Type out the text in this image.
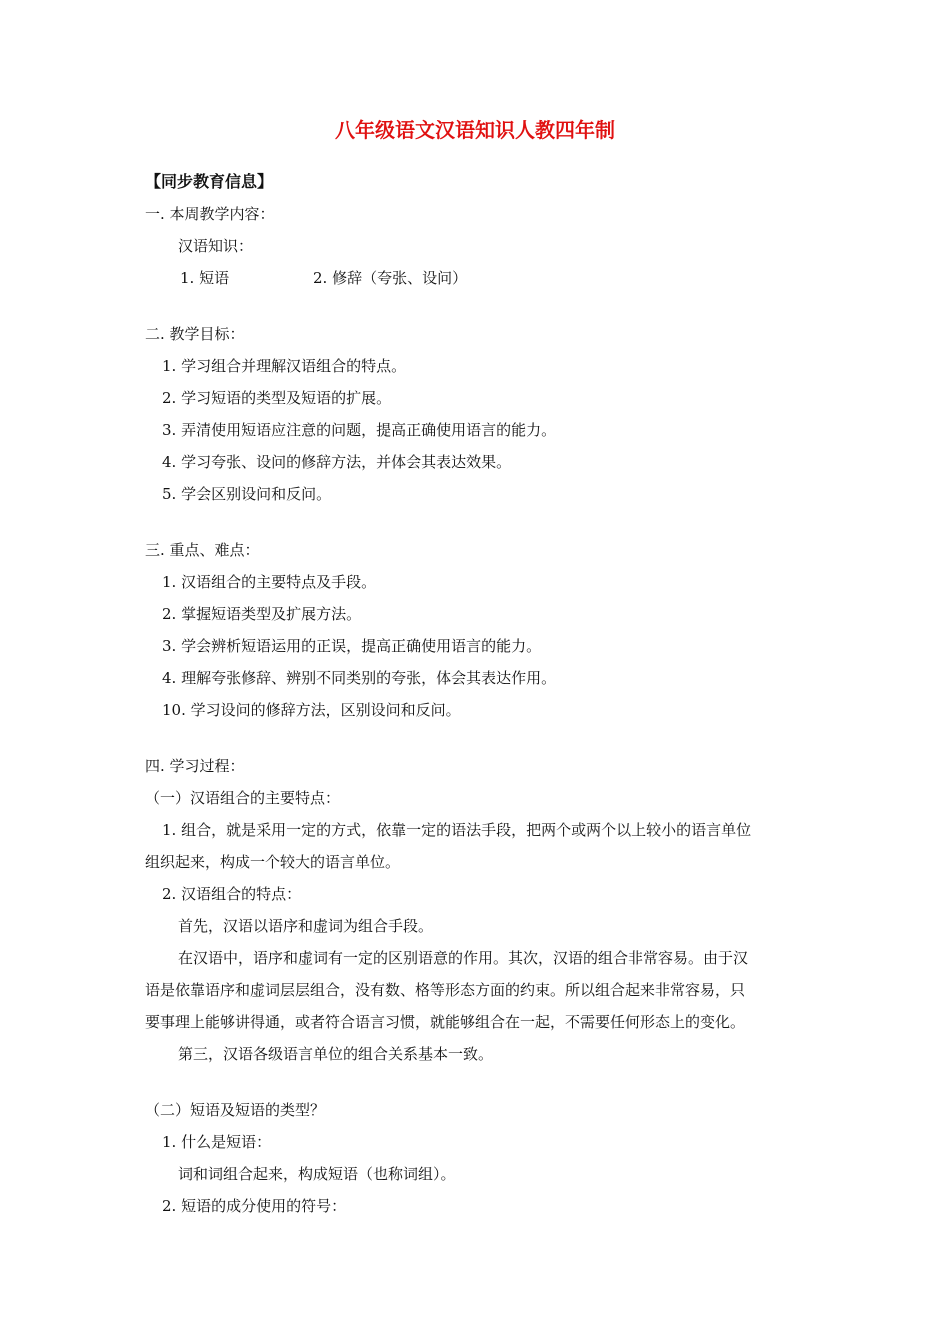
八年级语文汉语知识人教四年制
【同步教育信息】
一. 本周教学内容：
汉语知识：
1. 短语	2. 修辞（夸张、设问）
二. 教学目标：
1. 学习组合并理解汉语组合的特点。
2. 学习短语的类型及短语的扩展。
3. 弄清使用短语应注意的问题，提高正确使用语言的能力。
4. 学习夸张、设问的修辞方法，并体会其表达效果。
5. 学会区别设问和反问。
三. 重点、难点：
1. 汉语组合的主要特点及手段。
2. 掌握短语类型及扩展方法。
3. 学会辨析短语运用的正误，提高正确使用语言的能力。
4. 理解夸张修辞、辨别不同类别的夸张，体会其表达作用。
10. 学习设问的修辞方法，区别设问和反问。
四. 学习过程：
（一）汉语组合的主要特点：
1. 组合，就是采用一定的方式，依靠一定的语法手段，把两个或两个以上较小的语言单位
组织起来，构成一个较大的语言单位。
2. 汉语组合的特点：
首先，汉语以语序和虚词为组合手段。
在汉语中，语序和虚词有一定的区别语意的作用。其次，汉语的组合非常容易。由于汉
语是依靠语序和虚词层层组合，没有数、格等形态方面的约束。所以组合起来非常容易，只
要事理上能够讲得通，或者符合语言习惯，就能够组合在一起，不需要任何形态上的变化。
第三，汉语各级语言单位的组合关系基本一致。
（二）短语及短语的类型？
1. 什么是短语：
词和词组合起来，构成短语（也称词组）。
2. 短语的成分使用的符号：
